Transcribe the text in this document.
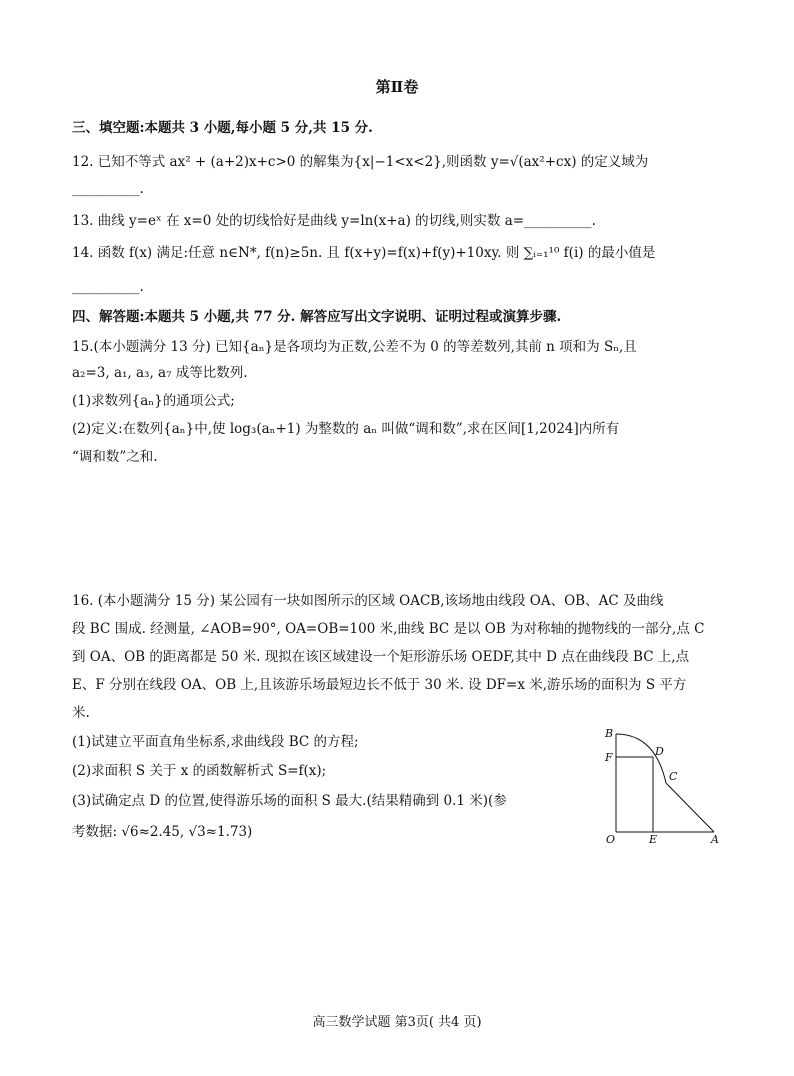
第Ⅱ卷
三、填空题:本题共 3 小题,每小题 5 分,共 15 分.
12. 已知不等式 ax² + (a+2)x+c>0 的解集为{x|−1<x<2},则函数 y=√(ax²+cx) 的定义域为
__________.
13. 曲线 y=eˣ 在 x=0 处的切线恰好是曲线 y=ln(x+a) 的切线,则实数 a=__________.
14. 函数 f(x) 满足:任意 n∈N*, f(n)≥5n. 且 f(x+y)=f(x)+f(y)+10xy. 则 ∑ᵢ₌₁¹⁰ f(i) 的最小值是
__________.
四、解答题:本题共 5 小题,共 77 分. 解答应写出文字说明、证明过程或演算步骤.
15.(本小题满分 13 分) 已知{aₙ}是各项均为正数,公差不为 0 的等差数列,其前 n 项和为 Sₙ,且
a₂=3, a₁, a₃, a₇ 成等比数列.
(1)求数列{aₙ}的通项公式;
(2)定义:在数列{aₙ}中,使 log₃(aₙ+1) 为整数的 aₙ 叫做“调和数”,求在区间[1,2024]内所有
“调和数”之和.
16. (本小题满分 15 分) 某公园有一块如图所示的区域 OACB,该场地由线段 OA、OB、AC 及曲线
段 BC 围成. 经测量, ∠AOB=90°, OA=OB=100 米,曲线 BC 是以 OB 为对称轴的抛物线的一部分,点 C
到 OA、OB 的距离都是 50 米. 现拟在该区域建设一个矩形游乐场 OEDF,其中 D 点在曲线段 BC 上,点
E、F 分别在线段 OA、OB 上,且该游乐场最短边长不低于 30 米. 设 DF=x 米,游乐场的面积为 S 平方
米.
(1)试建立平面直角坐标系,求曲线段 BC 的方程;
(2)求面积 S 关于 x 的函数解析式 S=f(x);
(3)试确定点 D 的位置,使得游乐场的面积 S 最大.(结果精确到 0.1 米)(参
考数据: √6≈2.45, √3≈1.73)
B
D
F
C
O	E	A
高三数学试题 第3页( 共4 页)
